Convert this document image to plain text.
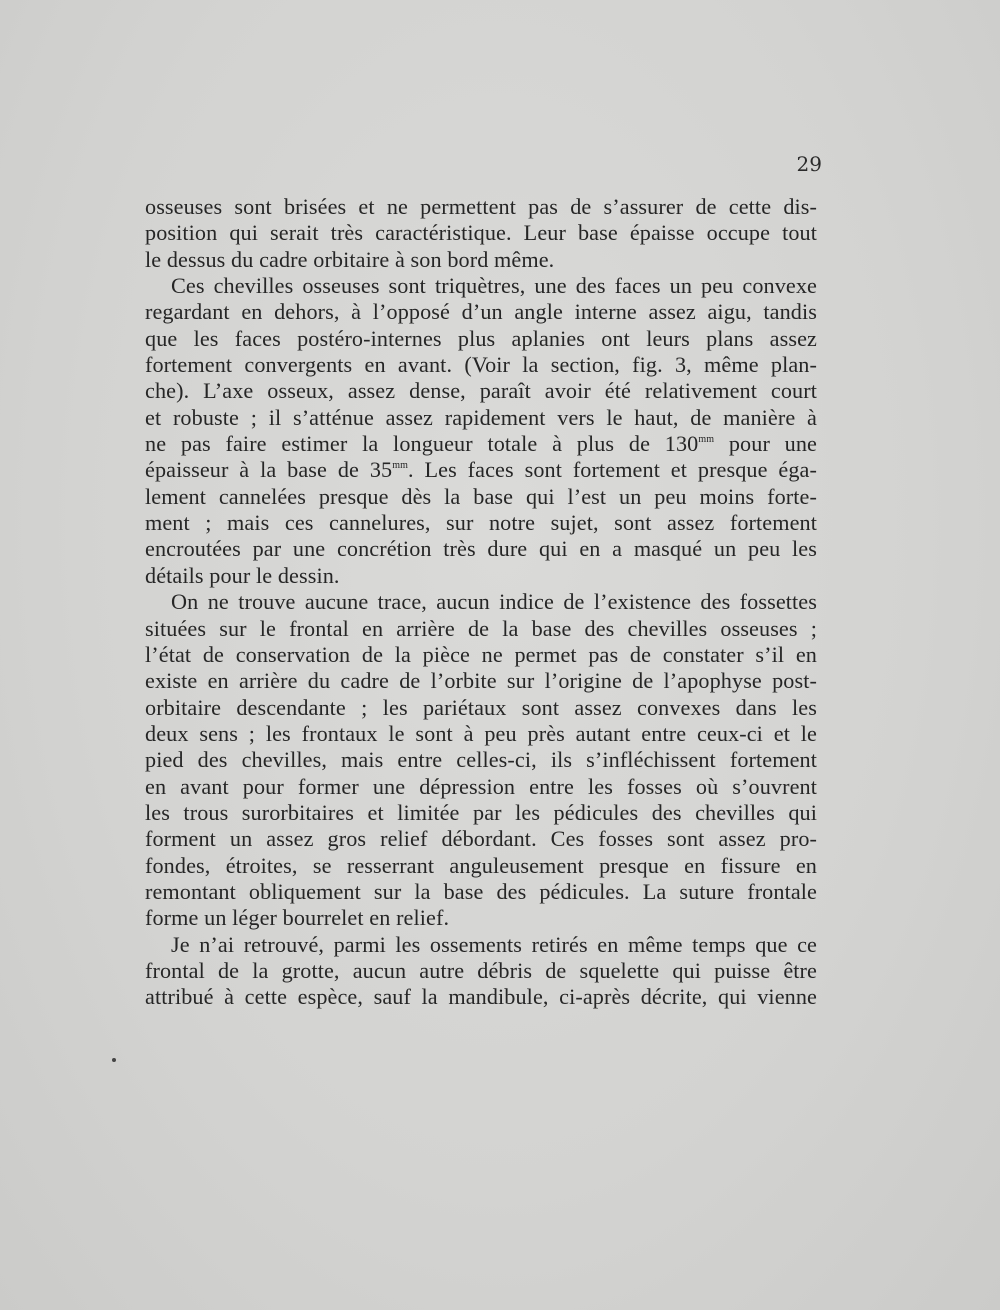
29
osseuses sont brisées et ne permettent pas de s’assurer de cette dis-
position qui serait très caractéristique. Leur base épaisse occupe tout
le dessus du cadre orbitaire à son bord même.
Ces chevilles osseuses sont triquètres, une des faces un peu convexe
regardant en dehors, à l’opposé d’un angle interne assez aigu, tandis
que les faces postéro-internes plus aplanies ont leurs plans assez
fortement convergents en avant. (Voir la section, fig. 3, même plan-
che). L’axe osseux, assez dense, paraît avoir été relativement court
et robuste ; il s’atténue assez rapidement vers le haut, de manière à
ne pas faire estimer la longueur totale à plus de $130^{mm}$ pour une
épaisseur à la base de $35^{mm}$. Les faces sont fortement et presque éga-
lement cannelées presque dès la base qui l’est un peu moins forte-
ment ; mais ces cannelures, sur notre sujet, sont assez fortement
encroutées par une concrétion très dure qui en a masqué un peu les
détails pour le dessin.
On ne trouve aucune trace, aucun indice de l’existence des fossettes
situées sur le frontal en arrière de la base des chevilles osseuses ;
l’état de conservation de la pièce ne permet pas de constater s’il en
existe en arrière du cadre de l’orbite sur l’origine de l’apophyse post-
orbitaire descendante ; les pariétaux sont assez convexes dans les
deux sens ; les frontaux le sont à peu près autant entre ceux-ci et le
pied des chevilles, mais entre celles-ci, ils s’infléchissent fortement
en avant pour former une dépression entre les fosses où s’ouvrent
les trous surorbitaires et limitée par les pédicules des chevilles qui
forment un assez gros relief débordant. Ces fosses sont assez pro-
fondes, étroites, se resserrant anguleusement presque en fissure en
remontant obliquement sur la base des pédicules. La suture frontale
forme un léger bourrelet en relief.
Je n’ai retrouvé, parmi les ossements retirés en même temps que ce
frontal de la grotte, aucun autre débris de squelette qui puisse être
attribué à cette espèce, sauf la mandibule, ci-après décrite, qui vienne
